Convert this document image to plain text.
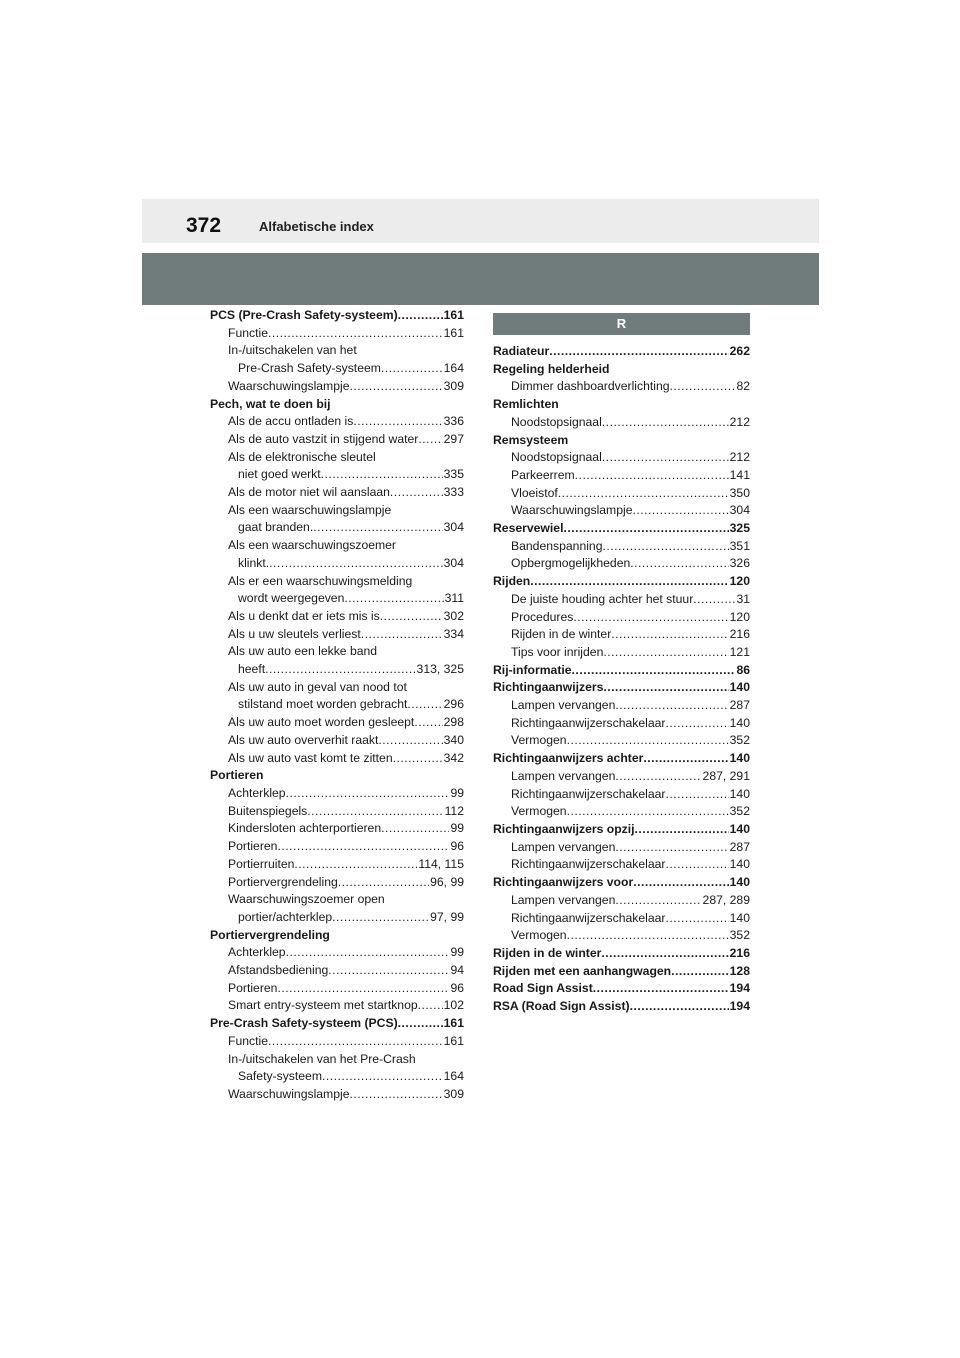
372	Alfabetische index
PCS (Pre-Crash Safety-systeem) .....	161
Functie .....	161
In-/uitschakelen van het
Pre-Crash Safety-systeem .....	164
Waarschuwingslampje .....	309
Pech, wat te doen bij
Als de accu ontladen is .....	336
Als de auto vastzit in stijgend water ..... 297
Als de elektronische sleutel
niet goed werkt .....	335
Als de motor niet wil aanslaan .....	333
Als een waarschuwingslampje
gaat branden. .....	304
Als een waarschuwingszoemer
klinkt. .....	304
Als er een waarschuwingsmelding
wordt weergegeven .....	311
Als u denkt dat er iets mis is .....	302
Als u uw sleutels verliest .....	334
Als uw auto een lekke band
heeft .....	313, 325
Als uw auto in geval van nood tot
stilstand moet worden gebracht .....	296
Als uw auto moet worden gesleept ..... 298
Als uw auto oververhit raakt .....	340
Als uw auto vast komt te zitten .....	342
Portieren
Achterklep .....	99
Buitenspiegels .....	112
Kindersloten achterportieren .....	99
Portieren .....	96
Portierruiten .....	114, 115
Portiervergrendeling .....	96, 99
Waarschuwingszoemer open
portier/achterklep .....	97, 99
Portiervergrendeling
Achterklep .....	99
Afstandsbediening .....	94
Portieren .....	96
Smart entry-systeem met startknop ..... 102
Pre-Crash Safety-systeem (PCS) .....	161
Functie .....	161
In-/uitschakelen van het Pre-Crash
Safety-systeem .....	164
Waarschuwingslampje .....	309
R
Radiateur .....	262
Regeling helderheid
Dimmer dashboardverlichting .....	82
Remlichten
Noodstopsignaal .....	212
Remsysteem
Noodstopsignaal .....	212
Parkeerrem .....	141
Vloeistof .....	350
Waarschuwingslampje .....	304
Reservewiel .....	325
Bandenspanning .....	351
Opbergmogelijkheden .....	326
Rijden .....	120
De juiste houding achter het stuur .....	31
Procedures .....	120
Rijden in de winter .....	216
Tips voor inrijden .....	121
Rij-informatie .....	86
Richtingaanwijzers .....	140
Lampen vervangen .....	287
Richtingaanwijzerschakelaar .....	140
Vermogen .....	352
Richtingaanwijzers achter .....	140
Lampen vervangen .....	287, 291
Richtingaanwijzerschakelaar .....	140
Vermogen .....	352
Richtingaanwijzers opzij .....	140
Lampen vervangen .....	287
Richtingaanwijzerschakelaar .....	140
Richtingaanwijzers voor .....	140
Lampen vervangen .....	287, 289
Richtingaanwijzerschakelaar .....	140
Vermogen .....	352
Rijden in de winter .....	216
Rijden met een aanhangwagen .....	128
Road Sign Assist .....	194
RSA (Road Sign Assist) .....	194
